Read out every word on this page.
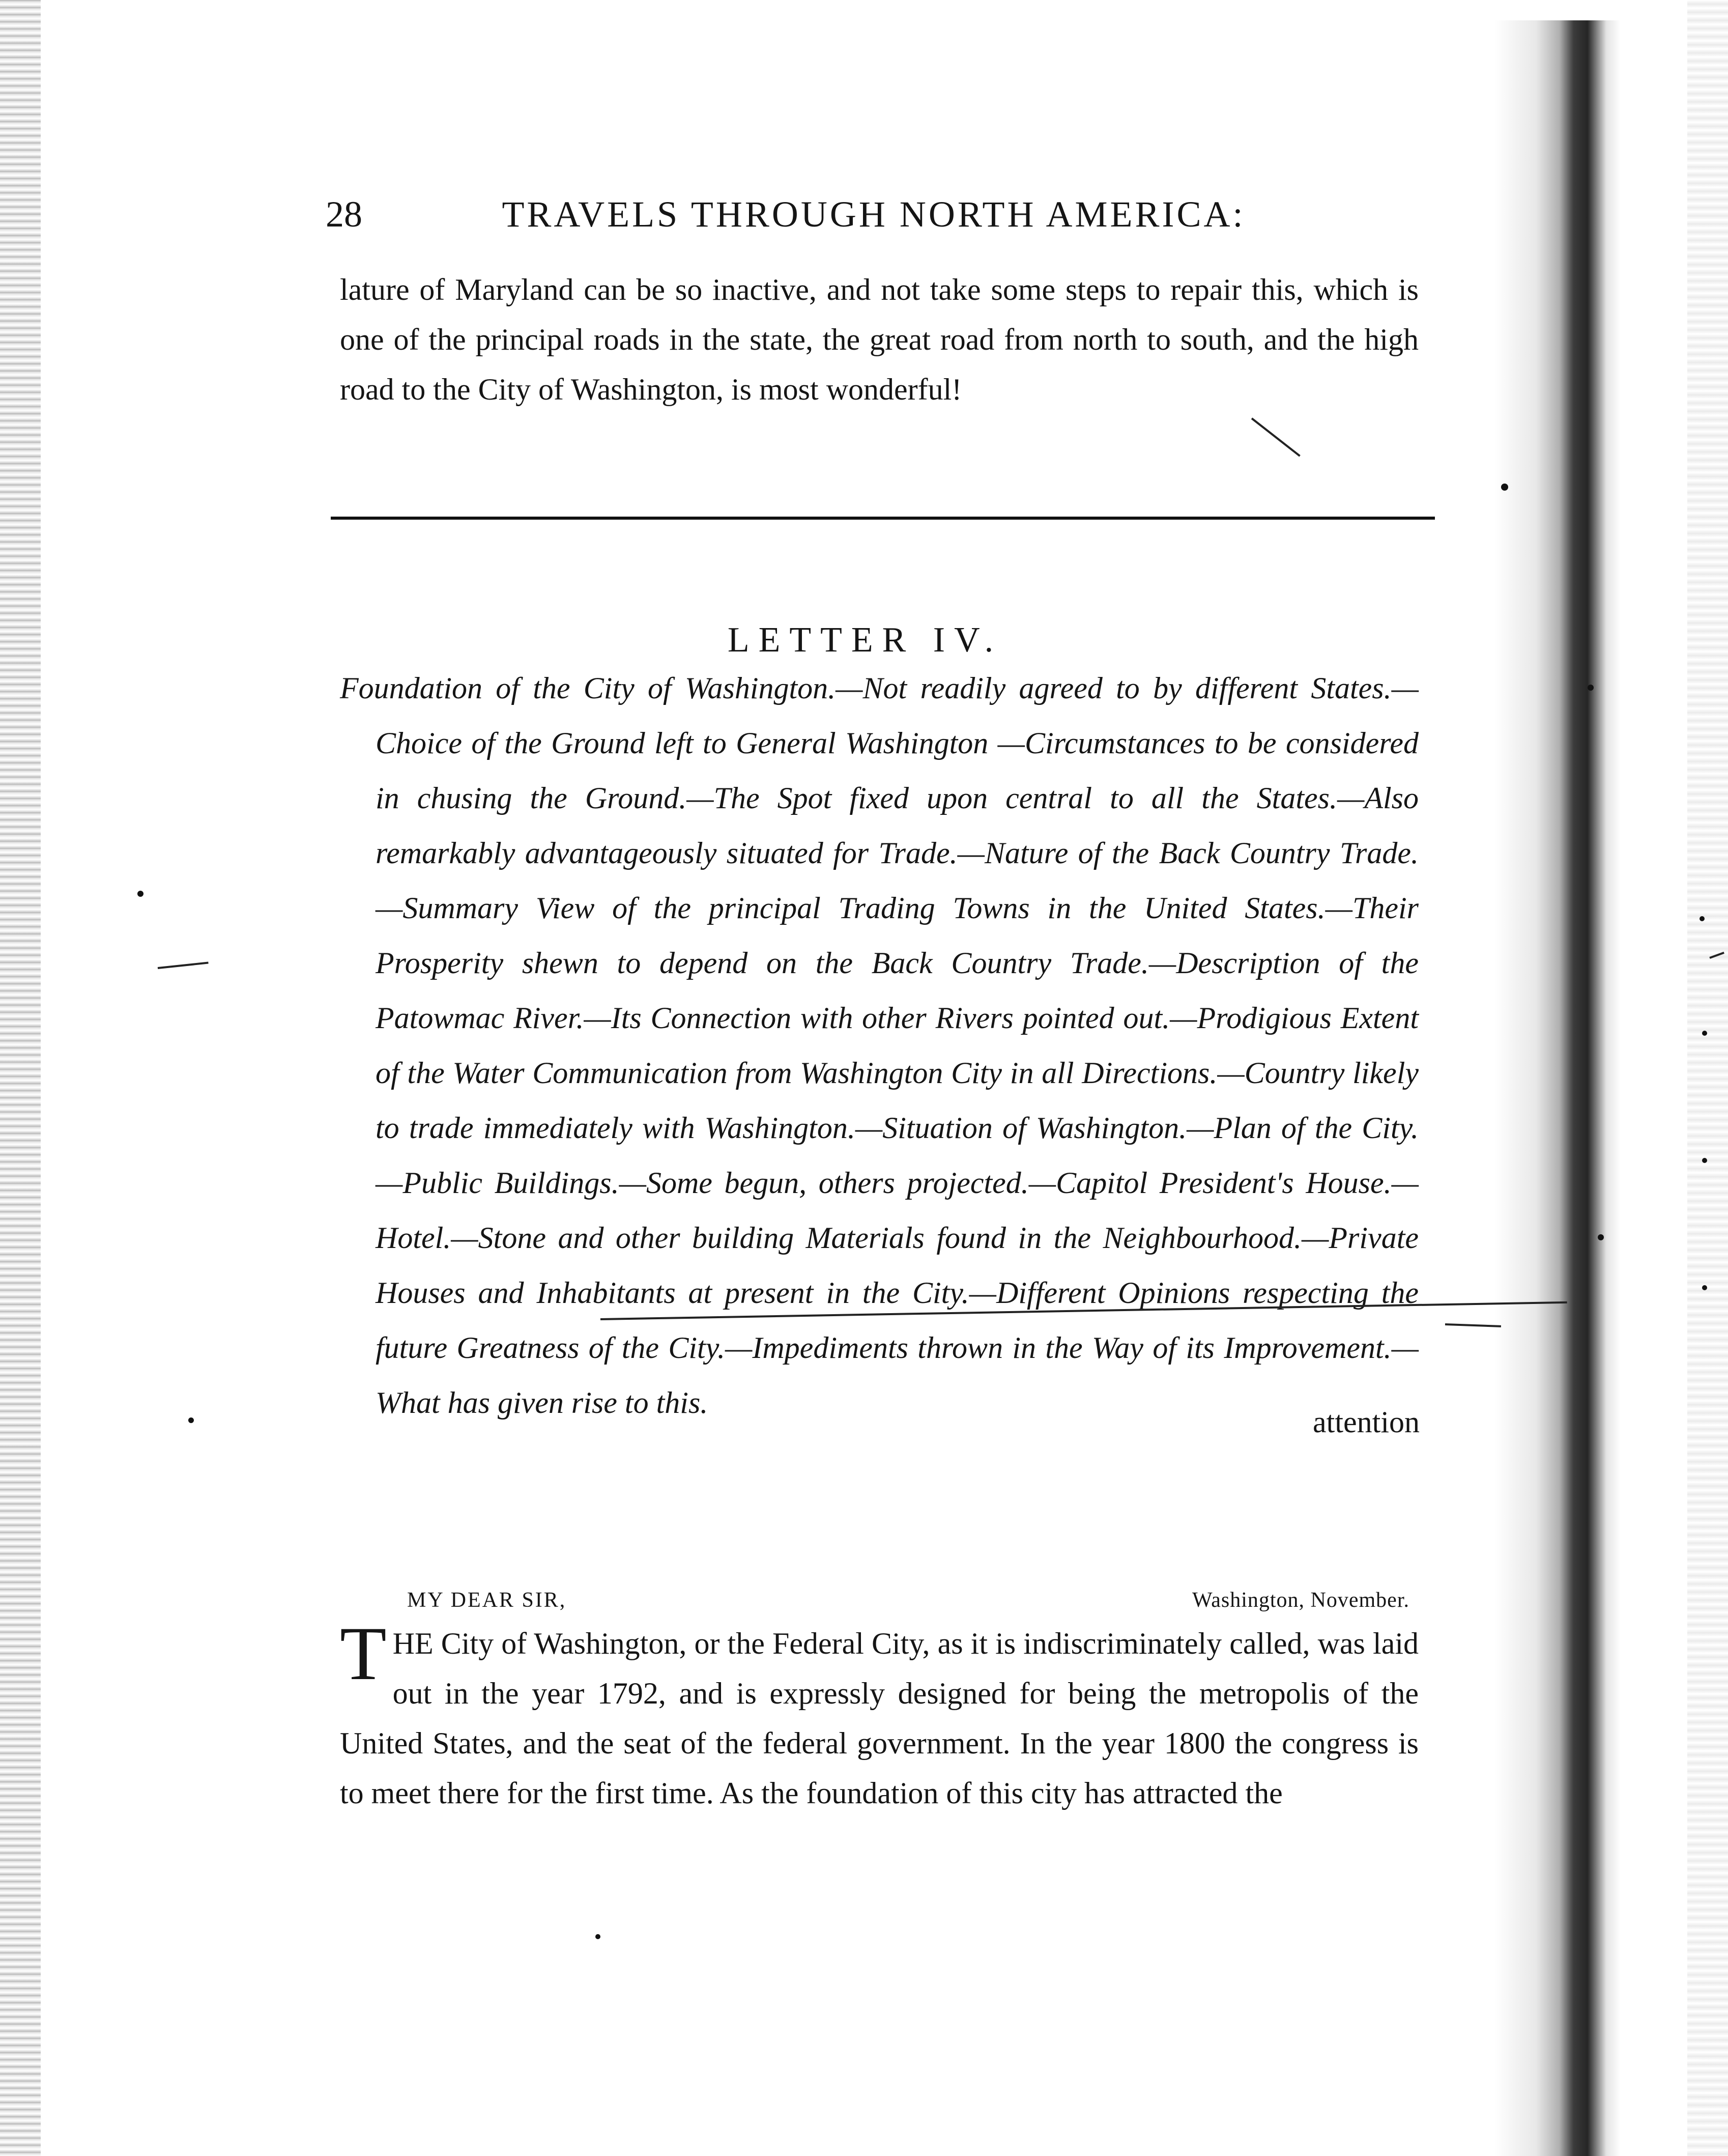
28	TRAVELS THROUGH NORTH AMERICA:

lature of Maryland can be so inactive, and not take some steps to repair this, which is one of the principal roads in the state, the great road from north to south, and the high road to the City of Washington, is most wonderful!

LETTER IV.

Foundation of the City of Washington.—Not readily agreed to by different States.—Choice of the Ground left to General Washington —Circumstances to be considered in chusing the Ground.—The Spot fixed upon central to all the States.—Also remarkably advantageously situated for Trade.—Nature of the Back Country Trade.—Summary View of the principal Trading Towns in the United States.—Their Prosperity shewn to depend on the Back Country Trade.—Description of the Patowmac River.—Its Connection with other Rivers pointed out.—Prodigious Extent of the Water Communication from Washington City in all Directions.—Country likely to trade immediately with Washington.—Situation of Washington.—Plan of the City.—Public Buildings.—Some begun, others projected.—Capitol President's House.—Hotel.—Stone and other building Materials found in the Neighbourhood.—Private Houses and Inhabitants at present in the City.—Different Opinions respecting the future Greatness of the City.—Impediments thrown in the Way of its Improvement.—What has given rise to this.

MY DEAR SIR,	Washington, November.

THE City of Washington, or the Federal City, as it is indiscriminately called, was laid out in the year 1792, and is expressly designed for being the metropolis of the United States, and the seat of the federal government. In the year 1800 the congress is to meet there for the first time. As the foundation of this city has attracted the

attention
